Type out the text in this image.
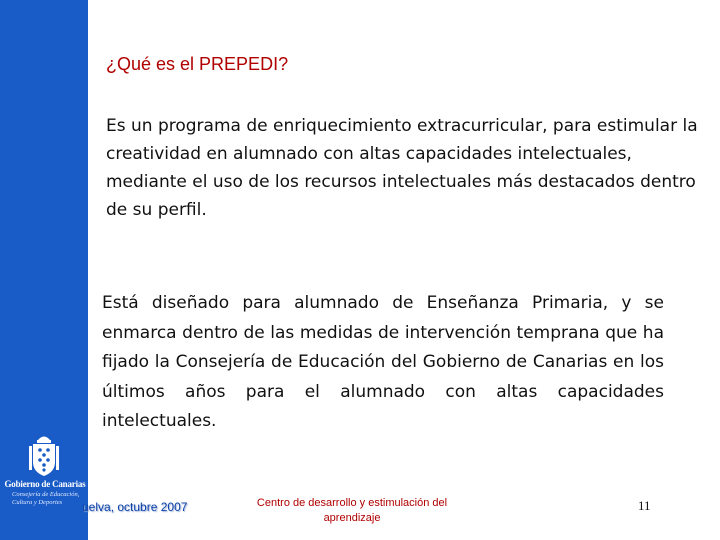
Gobierno de Canarias
Consejería de Educación,
Cultura y Deportes
¿Qué es el PREPEDI?
Es un programa de enriquecimiento extracurricular, para estimular la creatividad en alumnado con altas capacidades intelectuales, mediante el uso de los recursos intelectuales más destacados dentro de su perfil.
Está diseñado para alumnado de Enseñanza Primaria, y se enmarca dentro de las medidas de intervención temprana que ha fijado la Consejería de Educación del Gobierno de Canarias en los últimos años para el alumnado con altas capacidades intelectuales.
uelva, octubre 2007	Centro de desarrollo y estimulación del
aprendizaje
11
